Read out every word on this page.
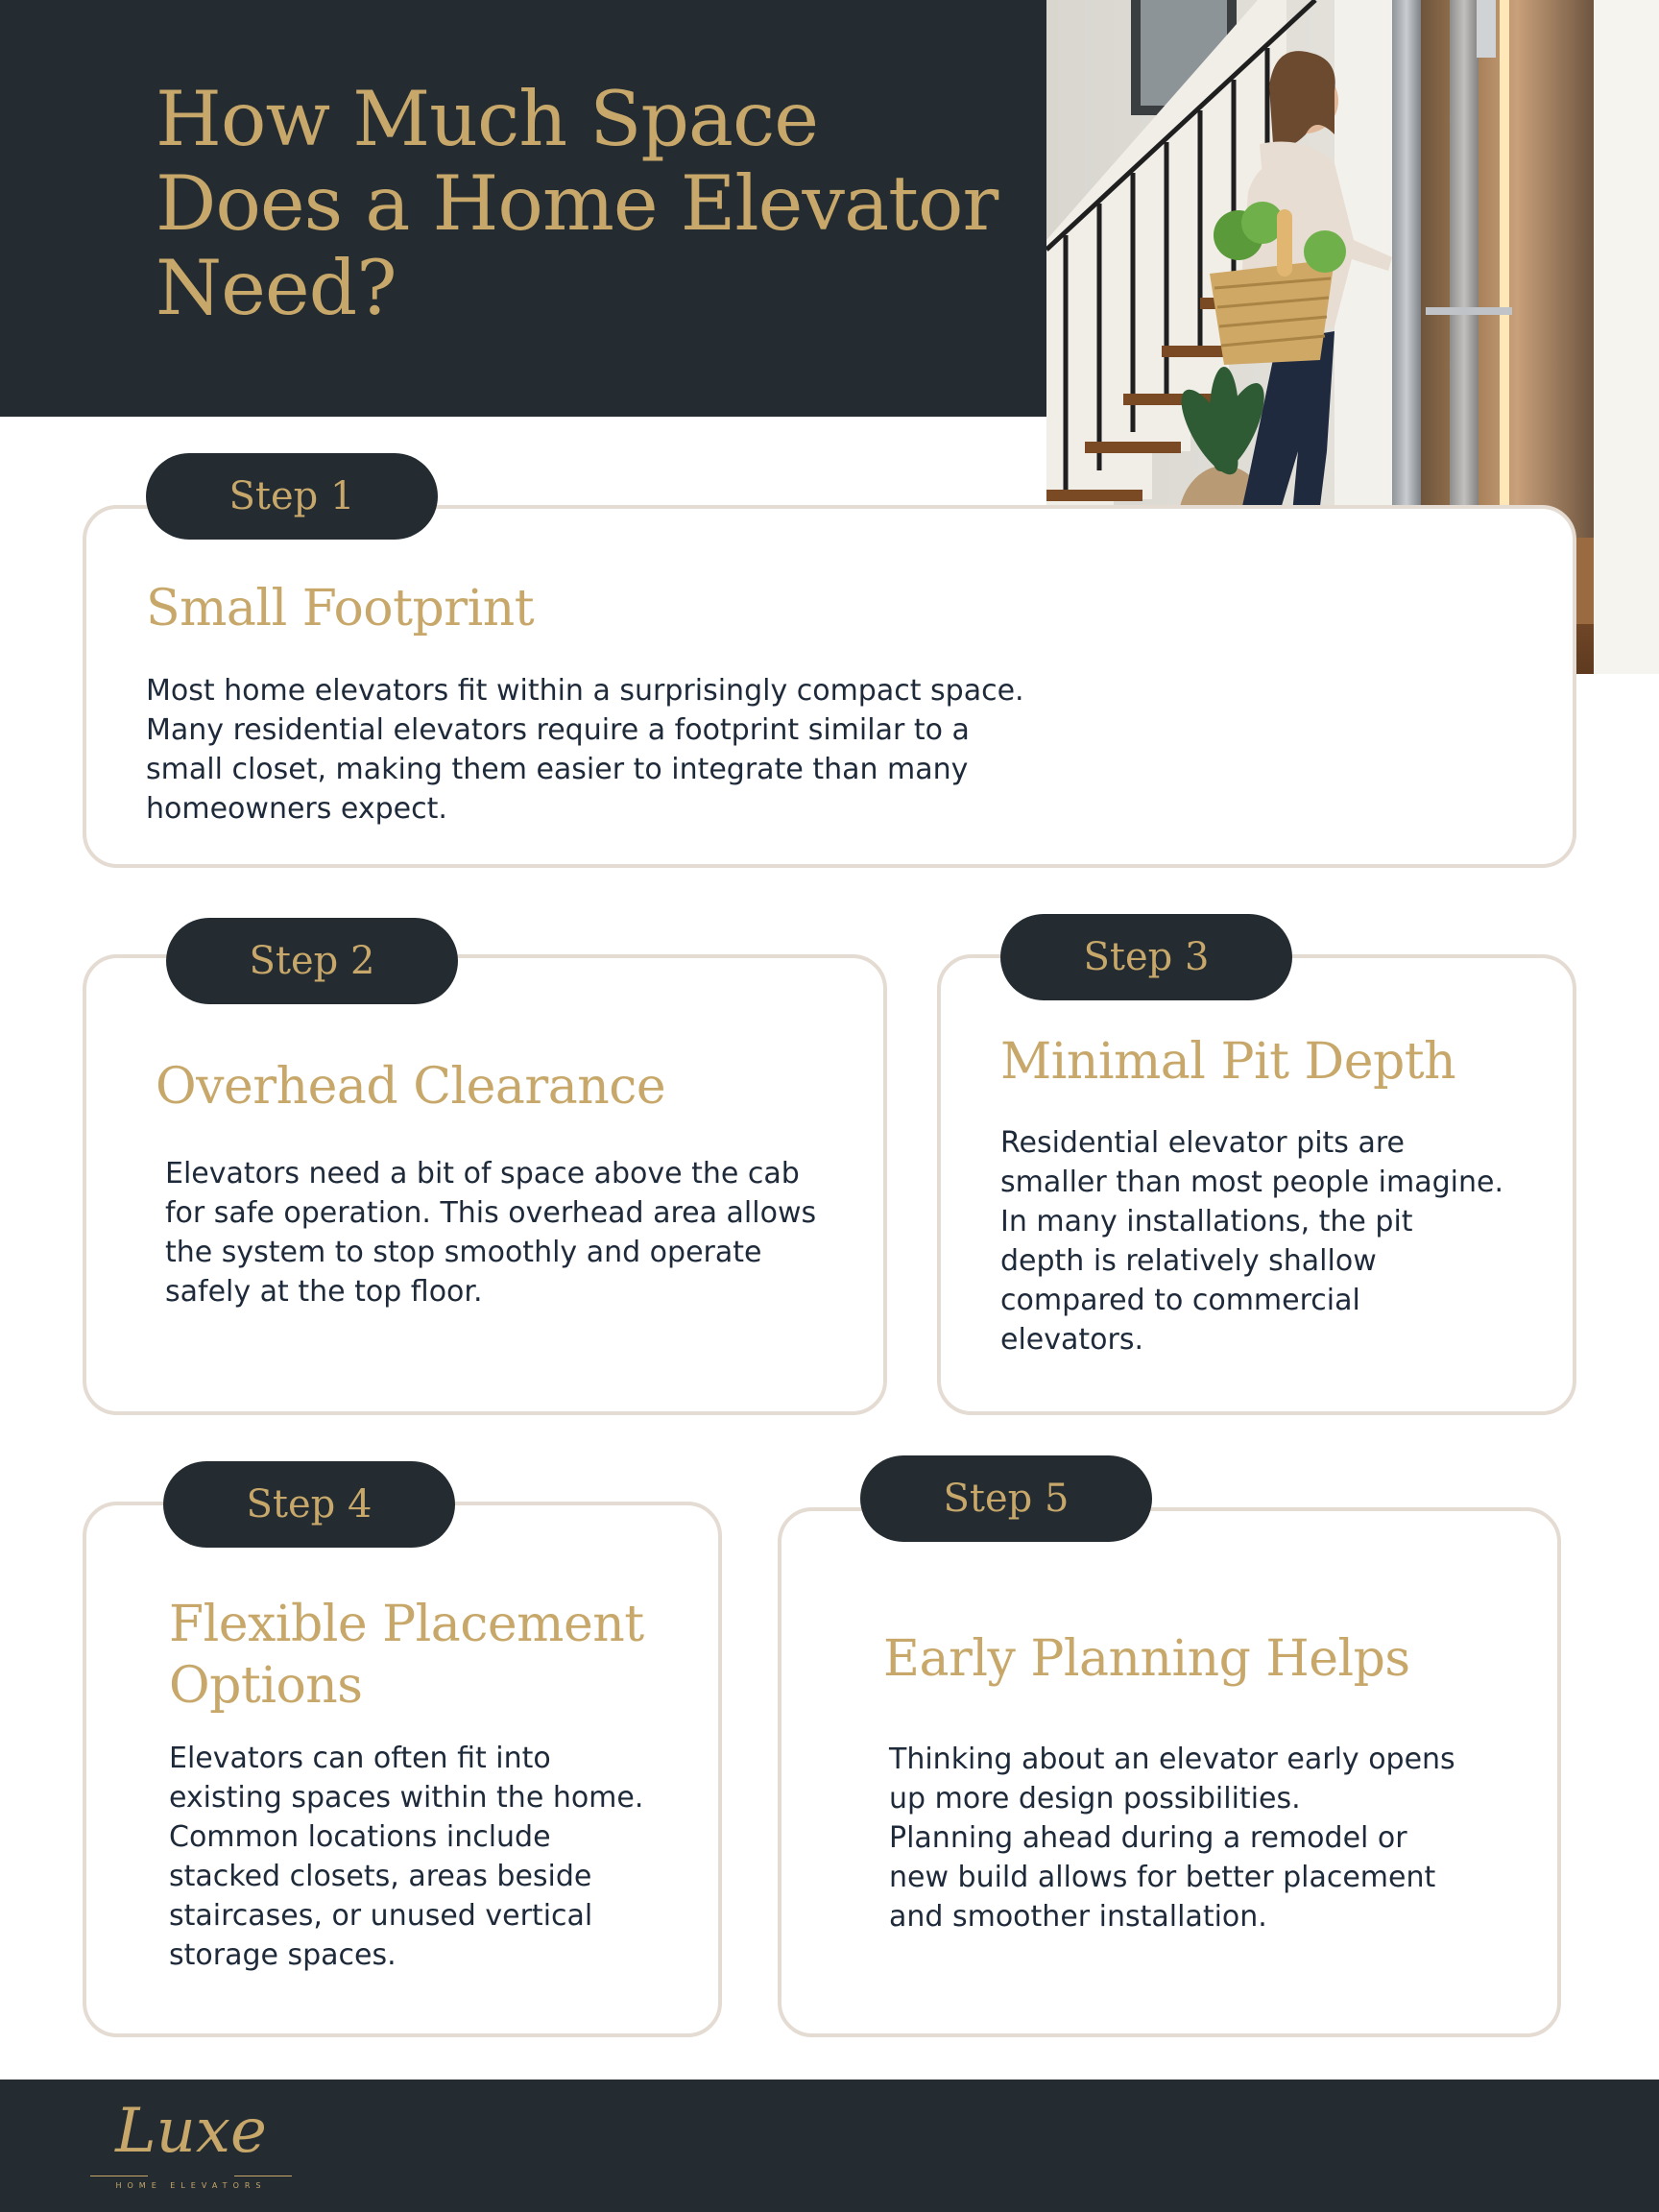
How Much Space
Does a Home Elevator
Need?
Step 1
Small Footprint

Most home elevators fit within a surprisingly compact space.
Many residential elevators require a footprint similar to a
small closet, making them easier to integrate than many
homeowners expect.

Step 2
Overhead Clearance

Elevators need a bit of space above the cab
for safe operation. This overhead area allows
the system to stop smoothly and operate
safely at the top floor.

Step 3
Minimal Pit Depth

Residential elevator pits are
smaller than most people imagine.
In many installations, the pit
depth is relatively shallow
compared to commercial
elevators.

Step 4
Flexible Placement
Options

Elevators can often fit into
existing spaces within the home.
Common locations include
stacked closets, areas beside
staircases, or unused vertical
storage spaces.

Step 5
Early Planning Helps

Thinking about an elevator early opens
up more design possibilities.
Planning ahead during a remodel or
new build allows for better placement
and smoother installation.

Luxe
HOME ELEVATORS
